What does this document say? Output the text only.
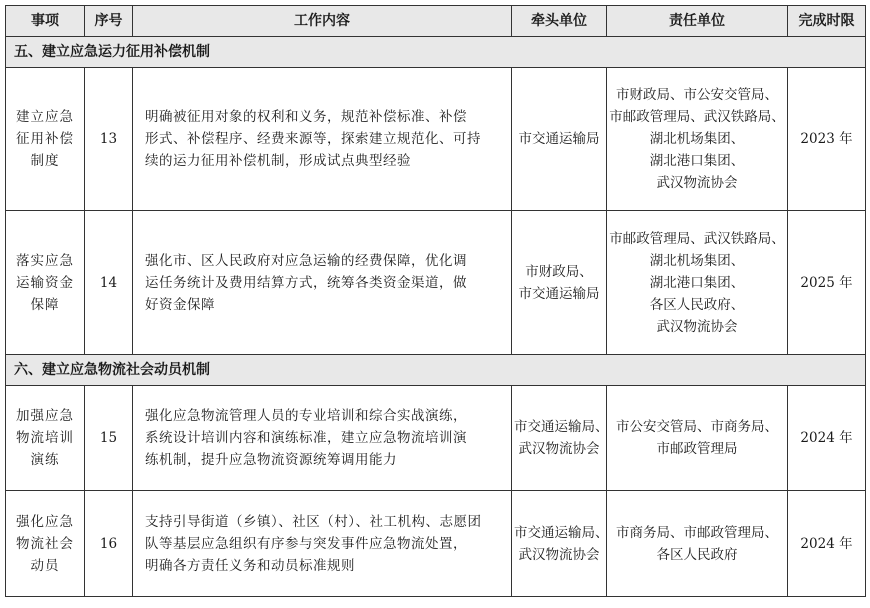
事项	序号	工作内容	牵头单位	责任单位	完成时限
五、建立应急运力征用补偿机制					

建立应急
征用补偿
制度	13	明确被征用对象的权利和义务，规范补偿标准、补偿
形式、补偿程序、经费来源等，探索建立规范化、可持
续的运力征用补偿机制，形成试点典型经验	市交通运输局	市财政局、市公安交管局、
市邮政管理局、武汉铁路局、
湖北机场集团、
湖北港口集团、
武汉物流协会	2023 年

落实应急
运输资金
保障	14	强化市、区人民政府对应急运输的经费保障，优化调
运任务统计及费用结算方式，统筹各类资金渠道，做
好资金保障	市财政局、
市交通运输局	市邮政管理局、武汉铁路局、
湖北机场集团、
湖北港口集团、
各区人民政府、
武汉物流协会	2025 年
六、建立应急物流社会动员机制					

加强应急
物流培训
演练	15	强化应急物流管理人员的专业培训和综合实战演练，
系统设计培训内容和演练标准，建立应急物流培训演
练机制，提升应急物流资源统筹调用能力	市交通运输局、
武汉物流协会	市公安交管局、市商务局、
市邮政管理局	2024 年

强化应急
物流社会
动员	16	支持引导街道（乡镇）、社区（村）、社工机构、志愿团
队等基层应急组织有序参与突发事件应急物流处置，
明确各方责任义务和动员标准规则	市交通运输局、
武汉物流协会	市商务局、市邮政管理局、
各区人民政府	2024 年
